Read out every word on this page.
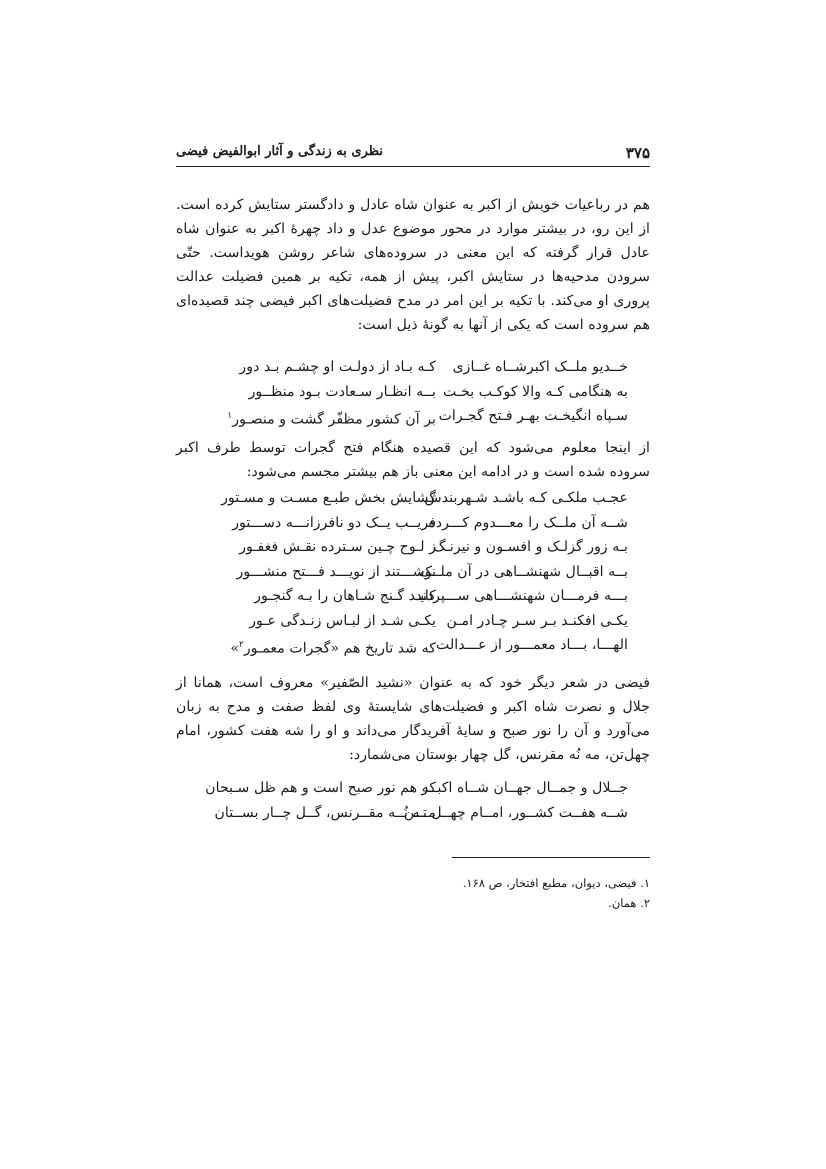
۳۷۵
نظری به زندگی و آثار ابوالفیض فیضی

هم در رباعیات خویش از اکبر به عنوان شاه عادل و دادگستر ستایش کرده است. از این رو، در بیشتر موارد در محور موضوع عدل و داد چهرهٔ اکبر به عنوان شاه عادل قرار گرفته که این معنی در سروده‌های شاعر روشن هویداست. حتّی سرودن مدحیه‌ها در ستایش اکبر، پیش از همه، تکیه بر همین فضیلت عدالت پروری او می‌کند. با تکیه بر این امر در مدح فضیلت‌های اکبر فیضی چند قصیده‌ای هم سروده است که یکی از آنها به گونهٔ ذیل است:

خــدیو ملــک اکبرشــاه غــازی
کـه بـاد از دولـت او چشـم بـد دور
به هنگامی کـه والا کوکـب بخـت
بــه انظـار سـعادت بـود منظــور
سـپاه انگیخـت بهـر فـتح گجـرات
بر آن کشور مظفّر گشت و منصـور$^۱$

از اینجا معلوم می‌شود که این قصیده هنگام فتح گجرات توسط طرف اکبر سروده شده است و در ادامه این معنی باز هم بیشتر مجسم می‌شود:

عجـب ملکـی کـه باشـد شـهربندش
گشایش بخش طبـع مسـت و مسـتور
شــه آن ملــک را معـــدوم کـــرده
فریــب یــک دو نافرزانـــه دســـتور
بـه زور گزلـک و افسـون و نیرنـگ
ز لـوح چـین سـترده نقـش فغفـور
بــه اقبــال شهنشــاهی در آن ملــک
نوشـــتند از نویـــد فـــتح منشـــور
بـــه فرمـــان شهنشـــاهی ســـپردند
کلیـد گـنج شـاهان را بـه گنجـور
یکـی افکنـد بـر سـر چـادر امـن
یکـی شـد از لبـاس زنـدگی عـور
الهـــا، بـــاد معمـــور از عـــدالت
که شد تاریخ هم «گجرات معمـور$^۲$»

فیضی در شعر دیگر خود که به عنوان «نشید الصّفیر» معروف است، همانا از جلال و نصرت شاه اکبر و فضیلت‌های شایستهٔ وی لفظ صفت و مدح به زبان می‌آورد و آن را نور صبح و سایهٔ آفریدگار می‌داند و او را شه هفت کشور، امام چهل‌تن، مه نُه مقرنس، گل چهار بوستان می‌شمارد:

جــلال و جمــال جهــان شــاه اکبــر
که هم نور صبح است و هم ظل سـبحان
شــه هفــت کشــور، امــام چهــل تــن
مــه نُــه مقــرنس، گــل چــار بســتان
۱. فیضی، دیوان، مطبع افتخار، ص ۱۶۸.
۲. همان.
